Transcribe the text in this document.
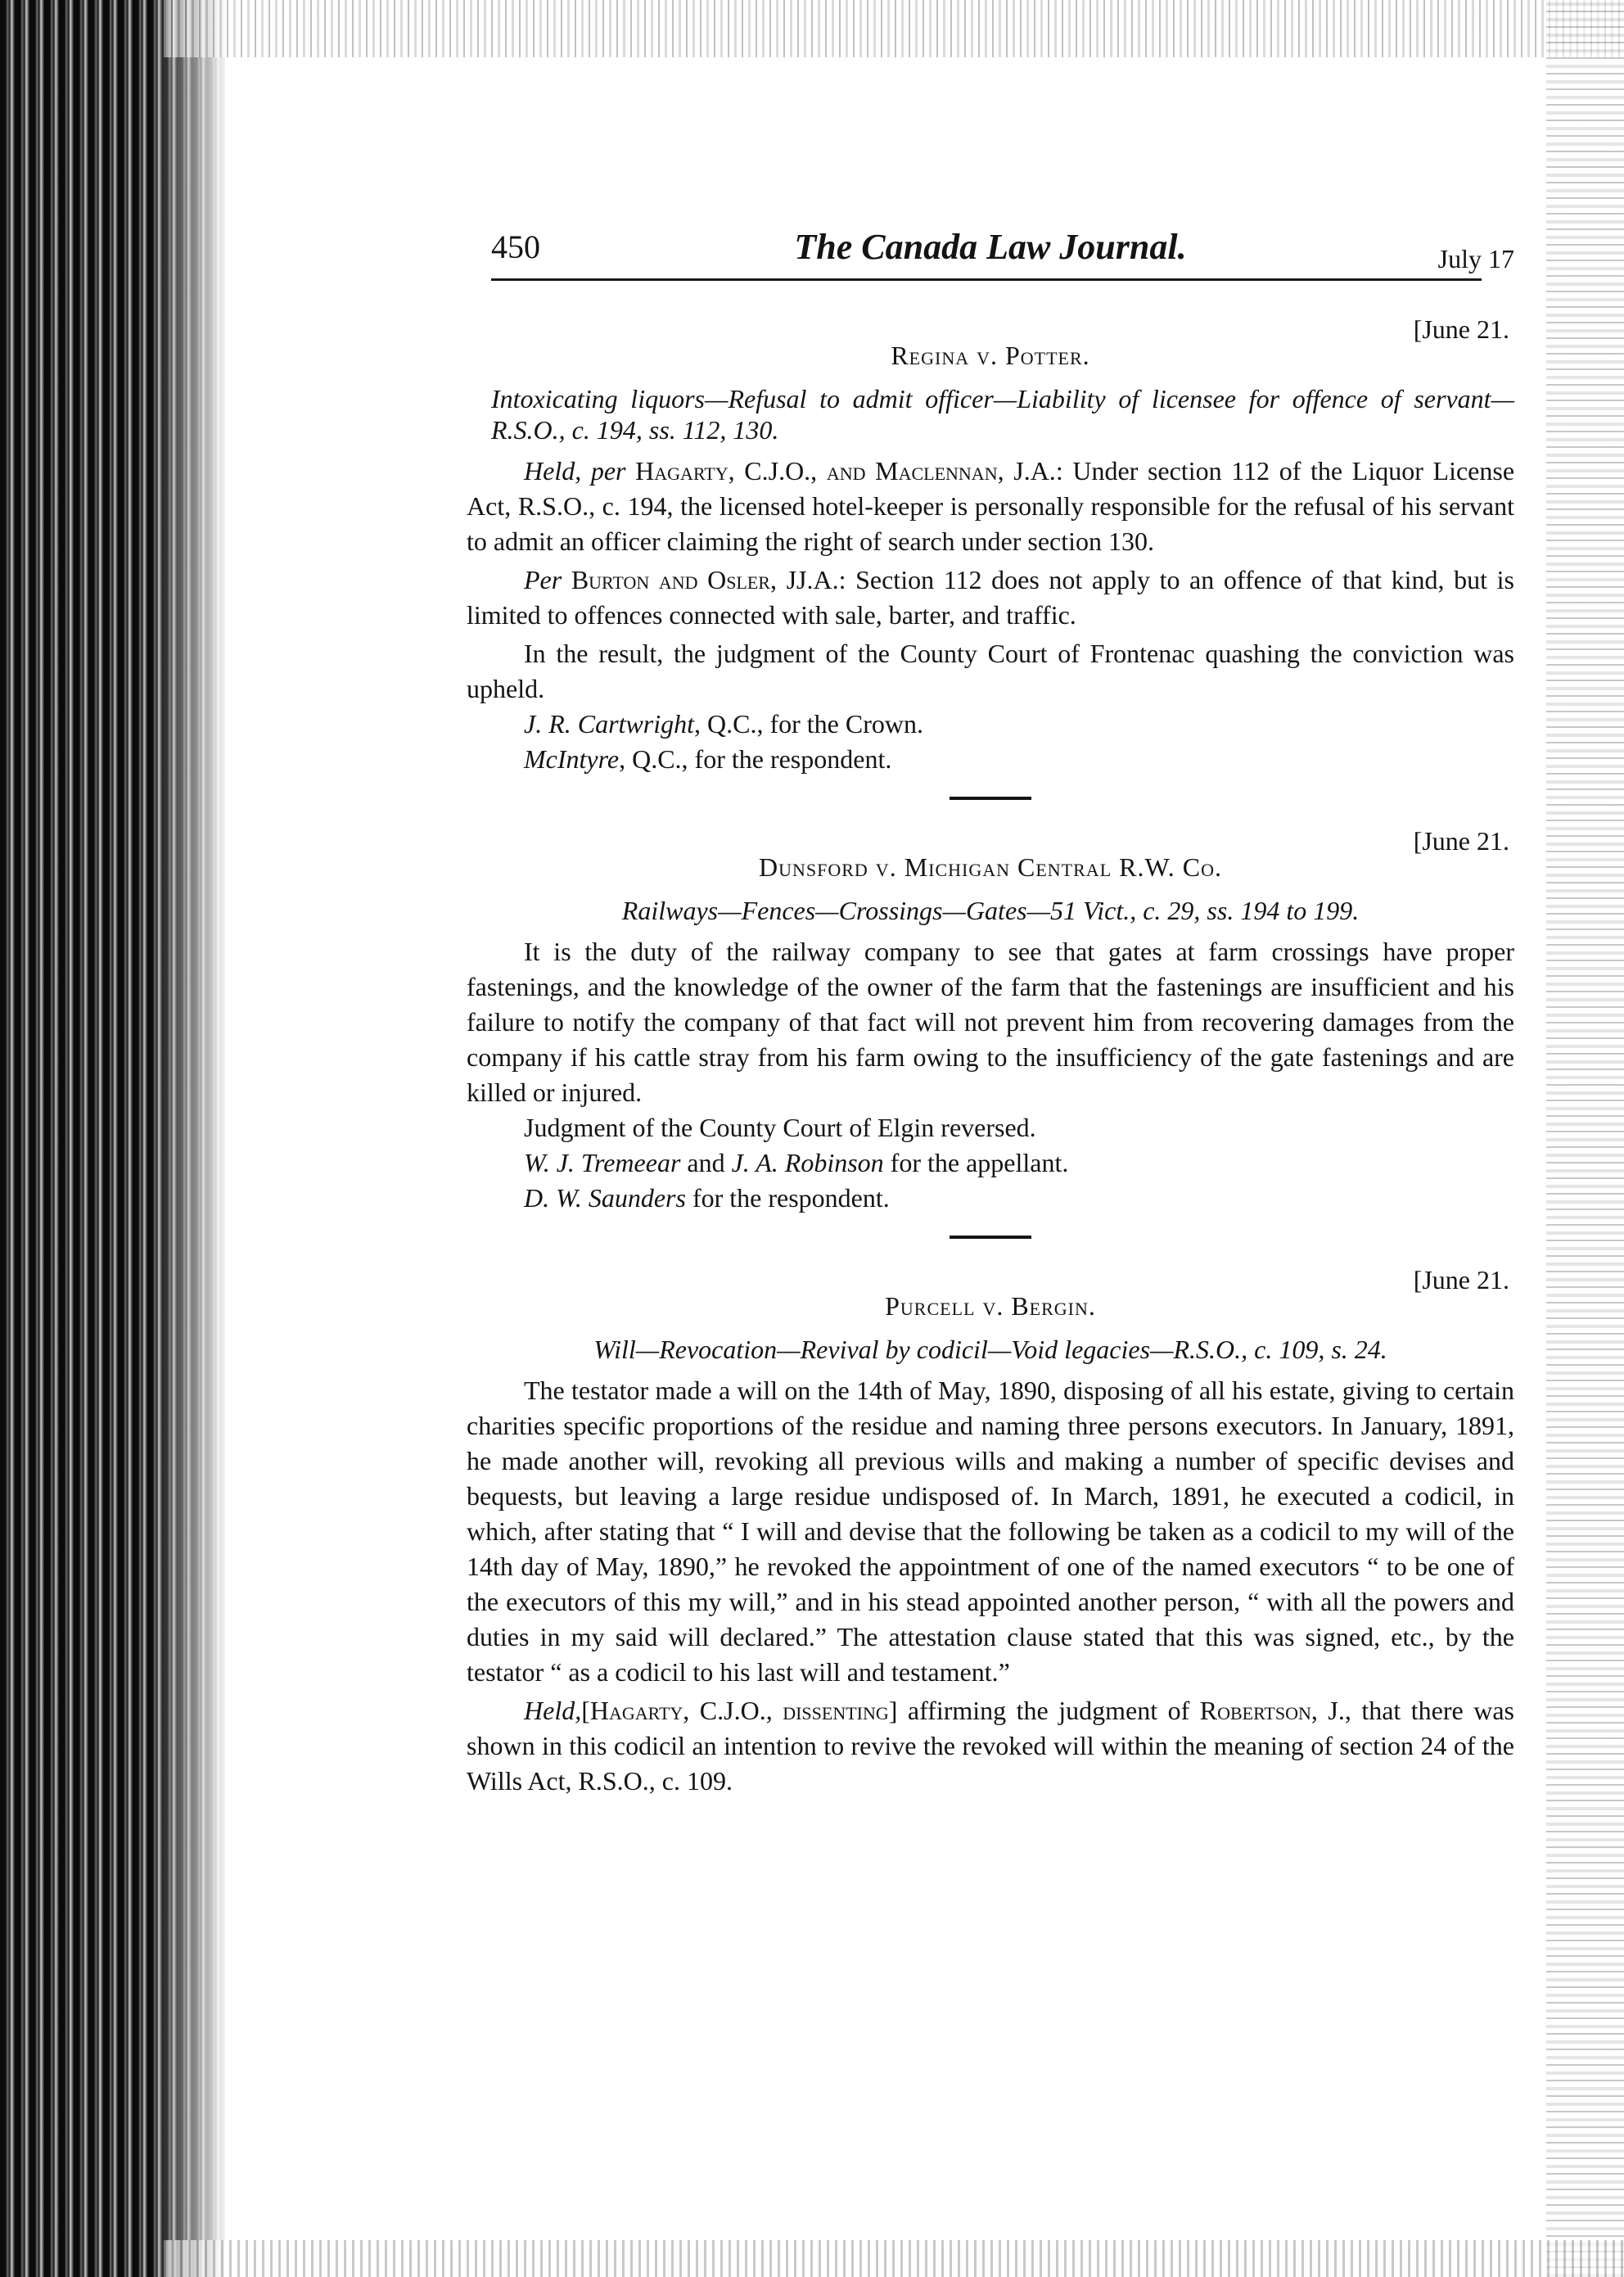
450	The Canada Law Journal.	July 17
[June 21.
Regina v. Potter.

Intoxicating liquors—Refusal to admit officer—Liability of licensee for offence of servant—R.S.O., c. 194, ss. 112, 130.

Held, per Hagarty, C.J.O., and Maclennan, J.A.: Under section 112 of the Liquor License Act, R.S.O., c. 194, the licensed hotel-keeper is personally responsible for the refusal of his servant to admit an officer claiming the right of search under section 130.

Per Burton and Osler, JJ.A.: Section 112 does not apply to an offence of that kind, but is limited to offences connected with sale, barter, and traffic.

In the result, the judgment of the County Court of Frontenac quashing the conviction was upheld.

J. R. Cartwright, Q.C., for the Crown.

McIntyre, Q.C., for the respondent.

[June 21.
Dunsford v. Michigan Central R.W. Co.

Railways—Fences—Crossings—Gates—51 Vict., c. 29, ss. 194 to 199.

It is the duty of the railway company to see that gates at farm crossings have proper fastenings, and the knowledge of the owner of the farm that the fastenings are insufficient and his failure to notify the company of that fact will not prevent him from recovering damages from the company if his cattle stray from his farm owing to the insufficiency of the gate fastenings and are killed or injured.

Judgment of the County Court of Elgin reversed.

W. J. Tremeear and J. A. Robinson for the appellant.

D. W. Saunders for the respondent.

[June 21.
Purcell v. Bergin.

Will—Revocation—Revival by codicil—Void legacies—R.S.O., c. 109, s. 24.

The testator made a will on the 14th of May, 1890, disposing of all his estate, giving to certain charities specific proportions of the residue and naming three persons executors. In January, 1891, he made another will, revoking all previous wills and making a number of specific devises and bequests, but leaving a large residue undisposed of. In March, 1891, he executed a codicil, in which, after stating that “ I will and devise that the following be taken as a codicil to my will of the 14th day of May, 1890,” he revoked the appointment of one of the named executors “ to be one of the executors of this my will,” and in his stead appointed another person, “ with all the powers and duties in my said will declared.” The attestation clause stated that this was signed, etc., by the testator “ as a codicil to his last will and testament.”

Held,[Hagarty, C.J.O., dissenting] affirming the judgment of Robertson, J., that there was shown in this codicil an intention to revive the revoked will within the meaning of section 24 of the Wills Act, R.S.O., c. 109.
